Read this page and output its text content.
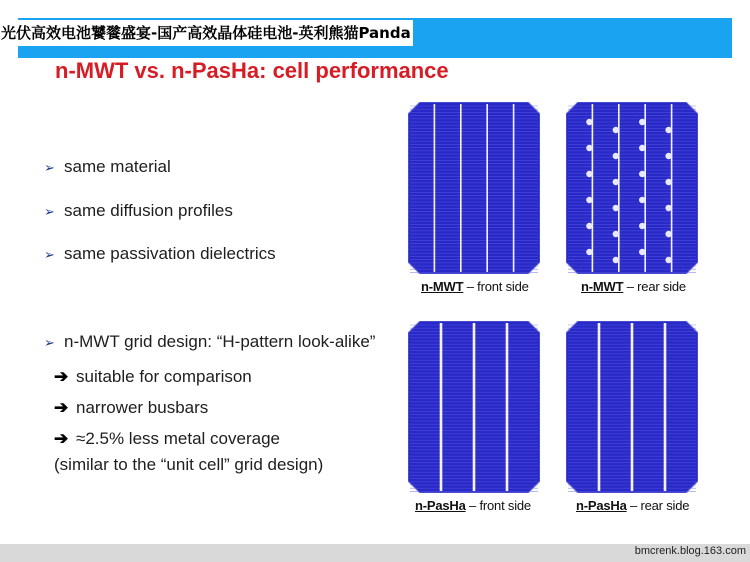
光伏高效电池饕餮盛宴-国产高效晶体硅电池-英利熊猫Panda
n-MWT vs. n-PasHa: cell performance
➢ same material
➢ same diffusion profiles
➢ same passivation dielectrics
➢ n-MWT grid design: “H-pattern look-alike”
➔ suitable for comparison
➔ narrower busbars
➔ ≈2.5% less metal coverage
(similar to the “unit cell” grid design)
n-MWT – front side	n-MWT – rear side
n-PasHa – front side	n-PasHa – rear side
bmcrenk.blog.163.com
